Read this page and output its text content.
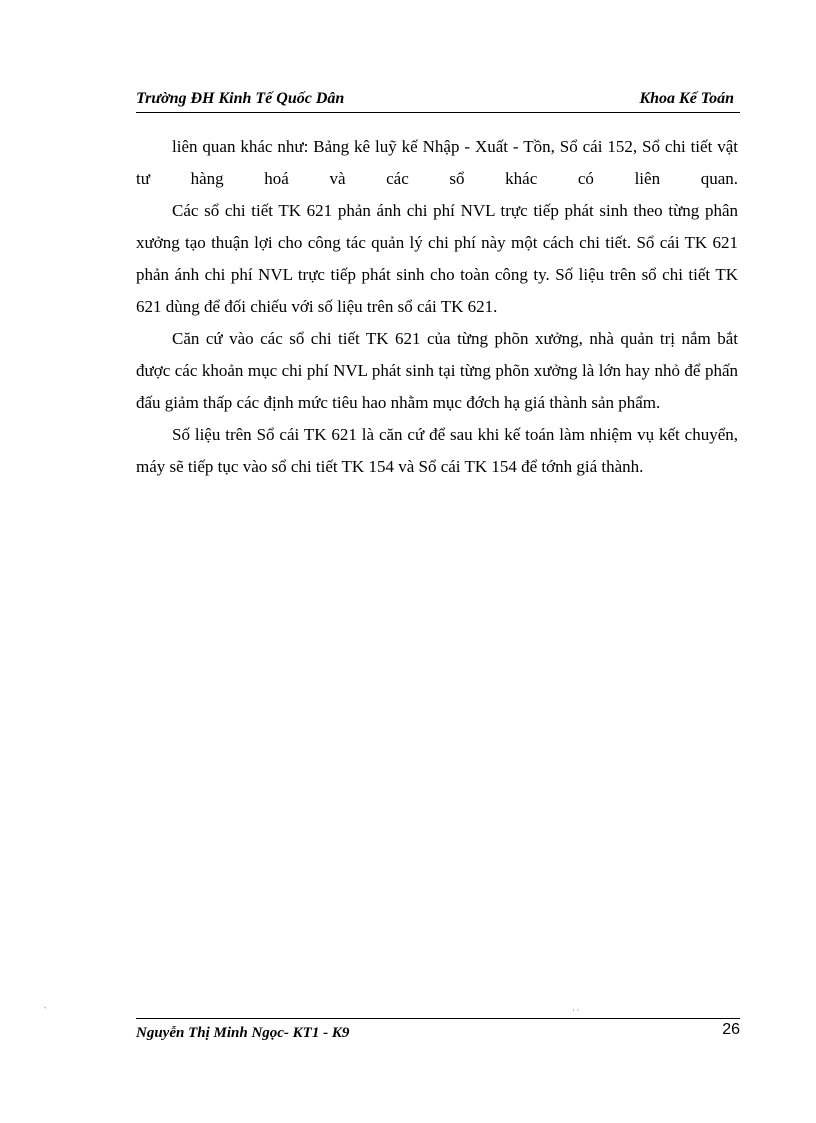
Trường ĐH Kinh Tế Quốc Dân	Khoa Kế Toán

liên quan khác như: Bảng kê luỹ kế Nhập - Xuất - Tồn, Sổ cái 152, Sổ chi tiết vật tư hàng hoá và các sổ khác có liên quan.

Các sổ chi tiết TK 621 phản ánh chi phí NVL trực tiếp phát sinh theo từng phân xưởng tạo thuận lợi cho công tác quản lý chi phí này một cách chi tiết. Sổ cái TK 621 phản ánh chi phí NVL trực tiếp phát sinh cho toàn công ty. Số liệu trên sổ chi tiết TK 621 dùng để đối chiếu với số liệu trên sổ cái TK 621.

Căn cứ vào các sổ chi tiết TK 621 của từng phõn xưởng, nhà quản trị nắm bắt được các khoản mục chi phí NVL phát sinh tại từng phõn xưởng là lớn hay nhỏ để phấn đấu giảm thấp các định mức tiêu hao nhằm mục đớch hạ giá thành sản phẩm.

Số liệu trên Sổ cái TK 621 là căn cứ để sau khi kế toán làm nhiệm vụ kết chuyển, máy sẽ tiếp tục vào sổ chi tiết TK 154 và Sổ cái TK 154 để tớnh giá thành.

`	· ·
Nguyễn Thị Minh Ngọc- KT1 - K9	26
